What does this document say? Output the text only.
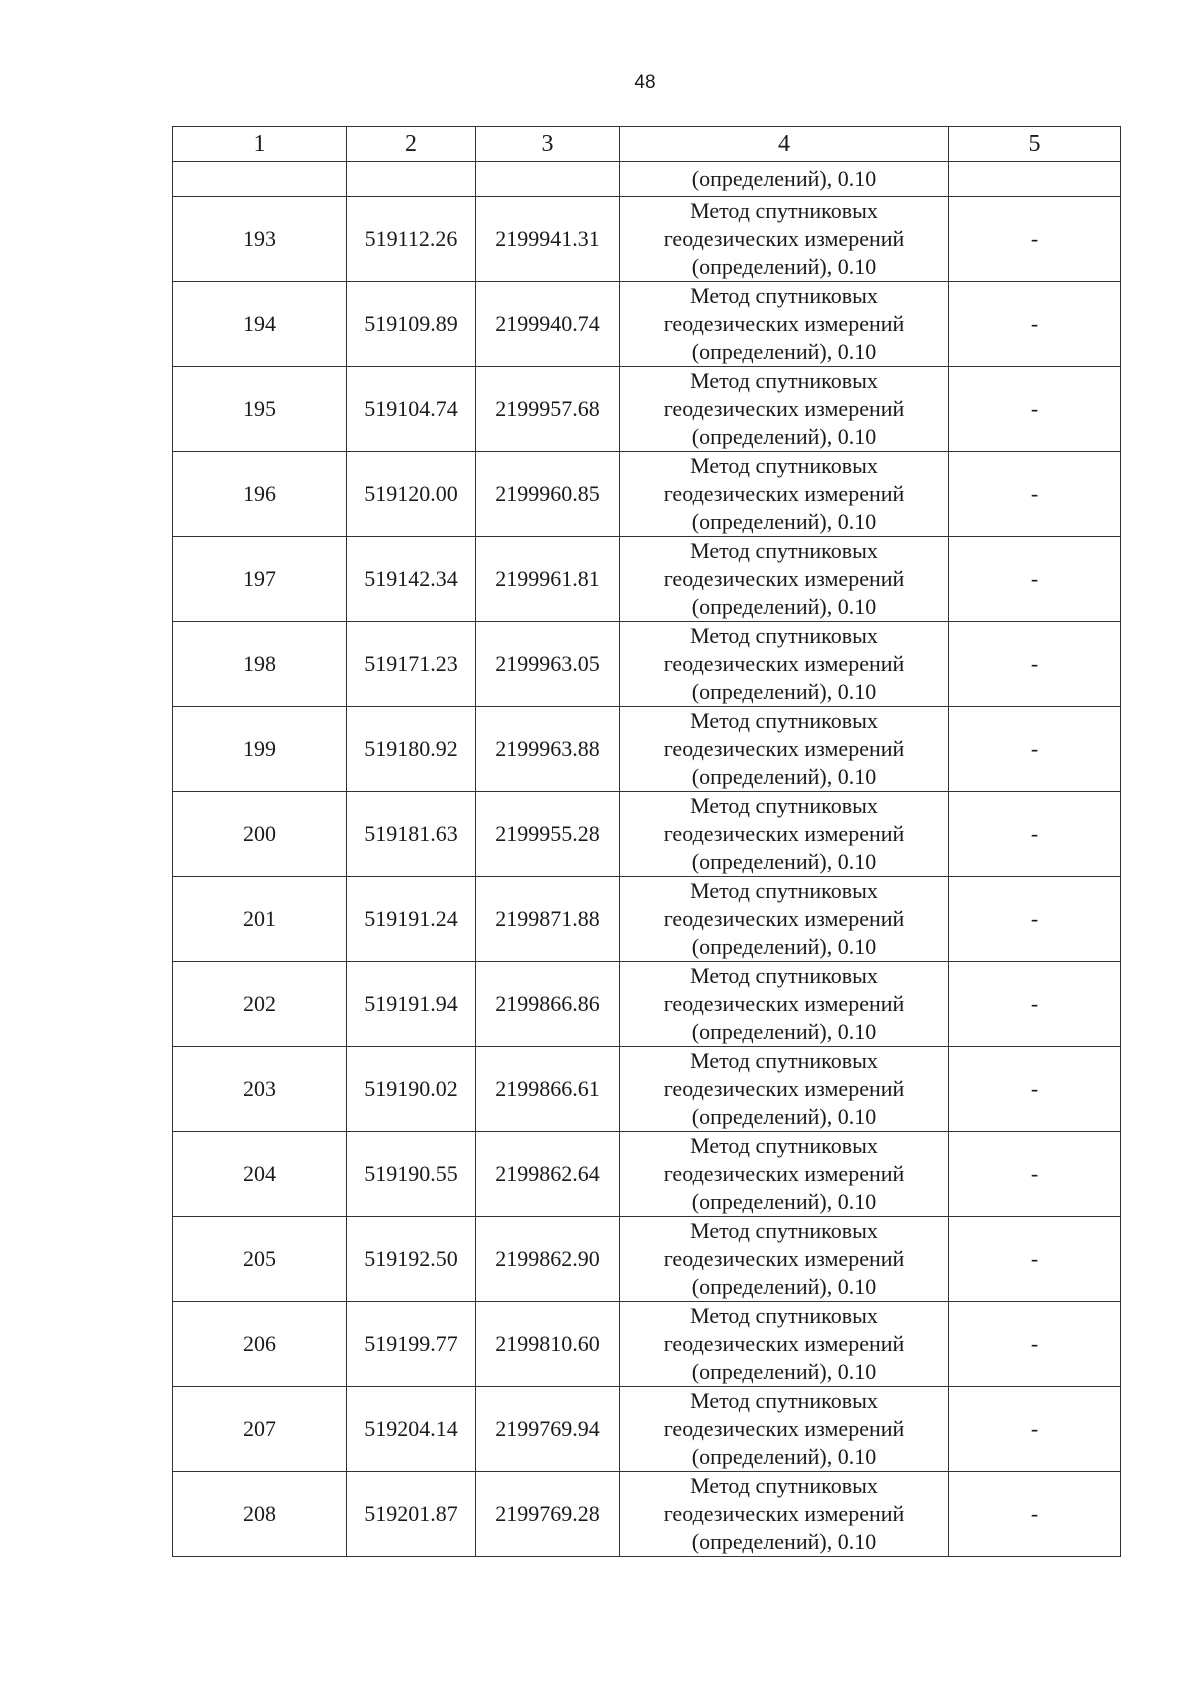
48
1	2	3	4	5
			(определений), 0.10	
193	519112.26	2199941.31	Метод спутниковых
геодезических измерений
(определений), 0.10	-
194	519109.89	2199940.74	Метод спутниковых
геодезических измерений
(определений), 0.10	-
195	519104.74	2199957.68	Метод спутниковых
геодезических измерений
(определений), 0.10	-
196	519120.00	2199960.85	Метод спутниковых
геодезических измерений
(определений), 0.10	-
197	519142.34	2199961.81	Метод спутниковых
геодезических измерений
(определений), 0.10	-
198	519171.23	2199963.05	Метод спутниковых
геодезических измерений
(определений), 0.10	-
199	519180.92	2199963.88	Метод спутниковых
геодезических измерений
(определений), 0.10	-
200	519181.63	2199955.28	Метод спутниковых
геодезических измерений
(определений), 0.10	-
201	519191.24	2199871.88	Метод спутниковых
геодезических измерений
(определений), 0.10	-
202	519191.94	2199866.86	Метод спутниковых
геодезических измерений
(определений), 0.10	-
203	519190.02	2199866.61	Метод спутниковых
геодезических измерений
(определений), 0.10	-
204	519190.55	2199862.64	Метод спутниковых
геодезических измерений
(определений), 0.10	-
205	519192.50	2199862.90	Метод спутниковых
геодезических измерений
(определений), 0.10	-
206	519199.77	2199810.60	Метод спутниковых
геодезических измерений
(определений), 0.10	-
207	519204.14	2199769.94	Метод спутниковых
геодезических измерений
(определений), 0.10	-
208	519201.87	2199769.28	Метод спутниковых
геодезических измерений
(определений), 0.10	-
